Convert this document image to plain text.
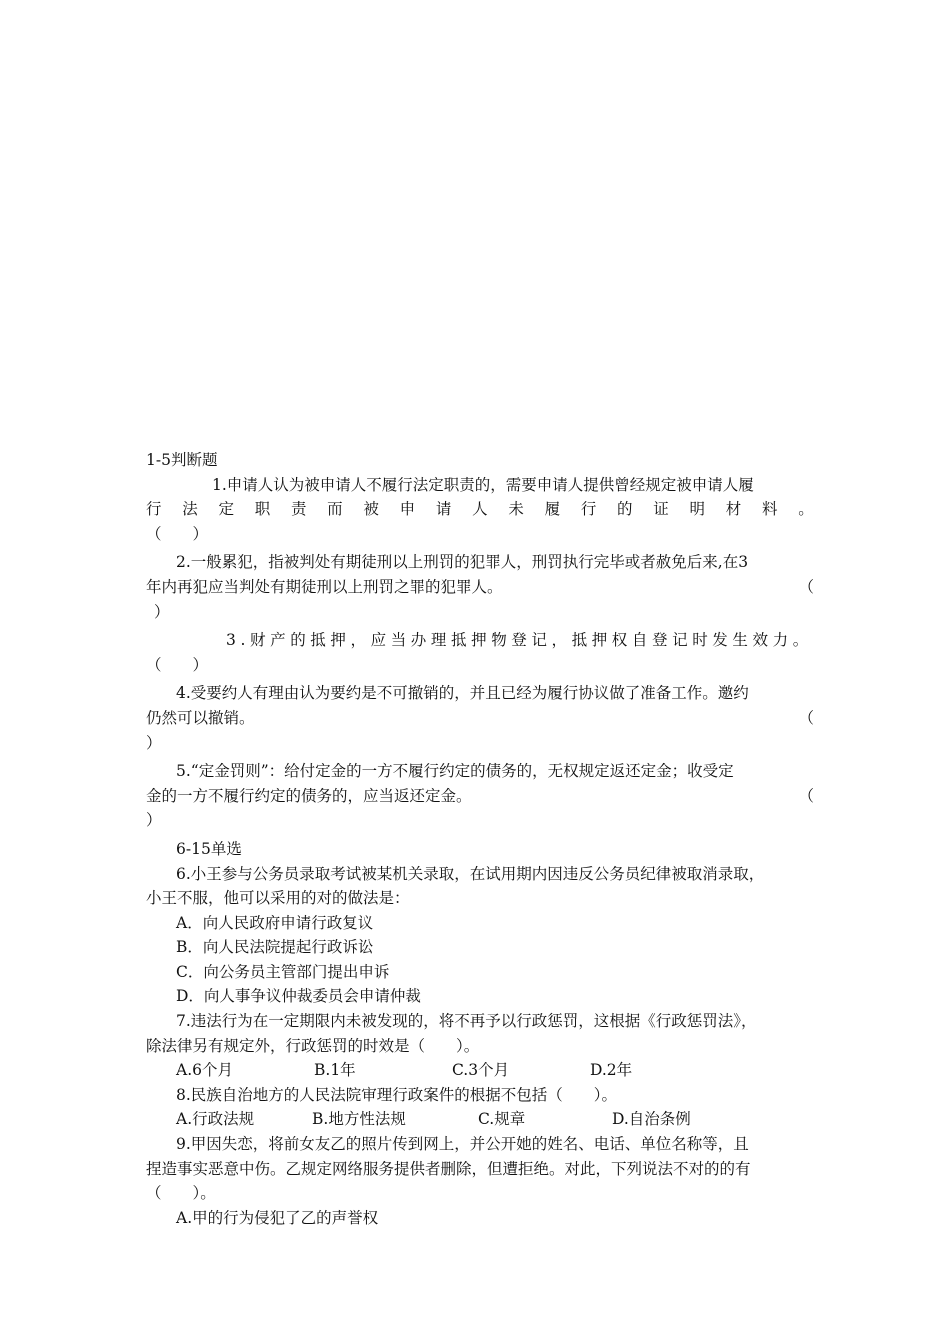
1-5判断题
1.申请人认为被申请人不履行法定职责的，需要申请人提供曾经规定被申请人履
行 法 定 职 责 而 被 申 请 人 未 履 行 的 证 明 材 料 。
（　　）
2.一般累犯，指被判处有期徒刑以上刑罚的犯罪人，刑罚执行完毕或者赦免后来,在3
年内再犯应当判处有期徒刑以上刑罚之罪的犯罪人。	（
）
3.财产的抵押，应当办理抵押物登记，抵押权自登记时发生效力。
（　　）
4.受要约人有理由认为要约是不可撤销的，并且已经为履行协议做了准备工作。邀约
仍然可以撤销。	（
）
5.“定金罚则”：给付定金的一方不履行约定的债务的，无权规定返还定金；收受定
金的一方不履行约定的债务的，应当返还定金。	（
）
6-15单选
6.小王参与公务员录取考试被某机关录取，在试用期内因违反公务员纪律被取消录取，
小王不服，他可以采用的对的做法是：
A．向人民政府申请行政复议
B．向人民法院提起行政诉讼
C．向公务员主管部门提出申诉
D．向人事争议仲裁委员会申请仲裁
7.违法行为在一定期限内未被发现的，将不再予以行政惩罚，这根据《行政惩罚法》，
除法律另有规定外，行政惩罚的时效是（　　）。
A.6个月	B.1年	C.3个月	D.2年
8.民族自治地方的人民法院审理行政案件的根据不包括（　　）。
A.行政法规	B.地方性法规	C.规章	D.自治条例
9.甲因失恋，将前女友乙的照片传到网上，并公开她的姓名、电话、单位名称等，且
捏造事实恶意中伤。乙规定网络服务提供者删除，但遭拒绝。对此，下列说法不对的的有
（　　）。
A.甲的行为侵犯了乙的声誉权
